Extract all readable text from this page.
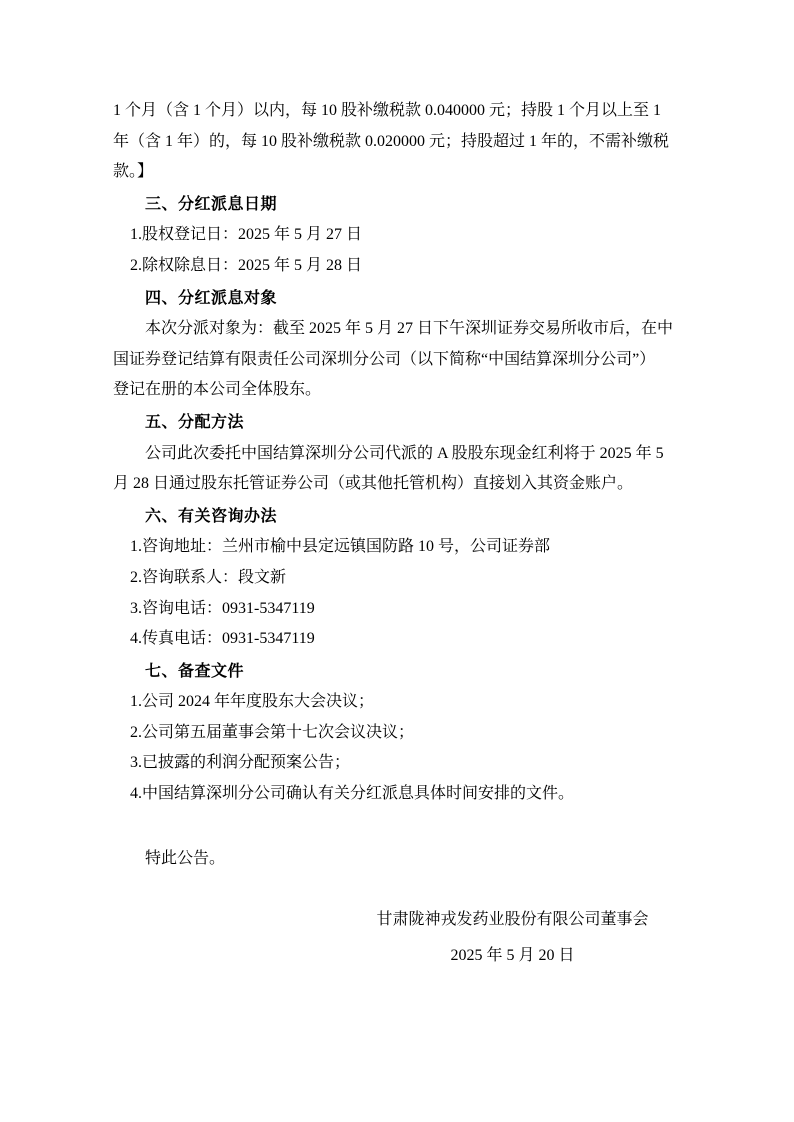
1 个月（含 1 个月）以内，每 10 股补缴税款 0.040000 元；持股 1 个月以上至 1
年（含 1 年）的，每 10 股补缴税款 0.020000 元；持股超过 1 年的，不需补缴税
款。】
三、分红派息日期
1.股权登记日：2025 年 5 月 27 日
2.除权除息日：2025 年 5 月 28 日
四、分红派息对象
本次分派对象为：截至 2025 年 5 月 27 日下午深圳证券交易所收市后，在中
国证券登记结算有限责任公司深圳分公司（以下简称“中国结算深圳分公司”）
登记在册的本公司全体股东。
五、分配方法
公司此次委托中国结算深圳分公司代派的 A 股股东现金红利将于 2025 年 5
月 28 日通过股东托管证券公司（或其他托管机构）直接划入其资金账户。
六、有关咨询办法
1.咨询地址：兰州市榆中县定远镇国防路 10 号，公司证券部
2.咨询联系人：段文新
3.咨询电话：0931-5347119
4.传真电话：0931-5347119
七、备查文件
1.公司 2024 年年度股东大会决议；
2.公司第五届董事会第十七次会议决议；
3.已披露的利润分配预案公告；
4.中国结算深圳分公司确认有关分红派息具体时间安排的文件。
特此公告。
甘肃陇神戎发药业股份有限公司董事会
2025 年 5 月 20 日
